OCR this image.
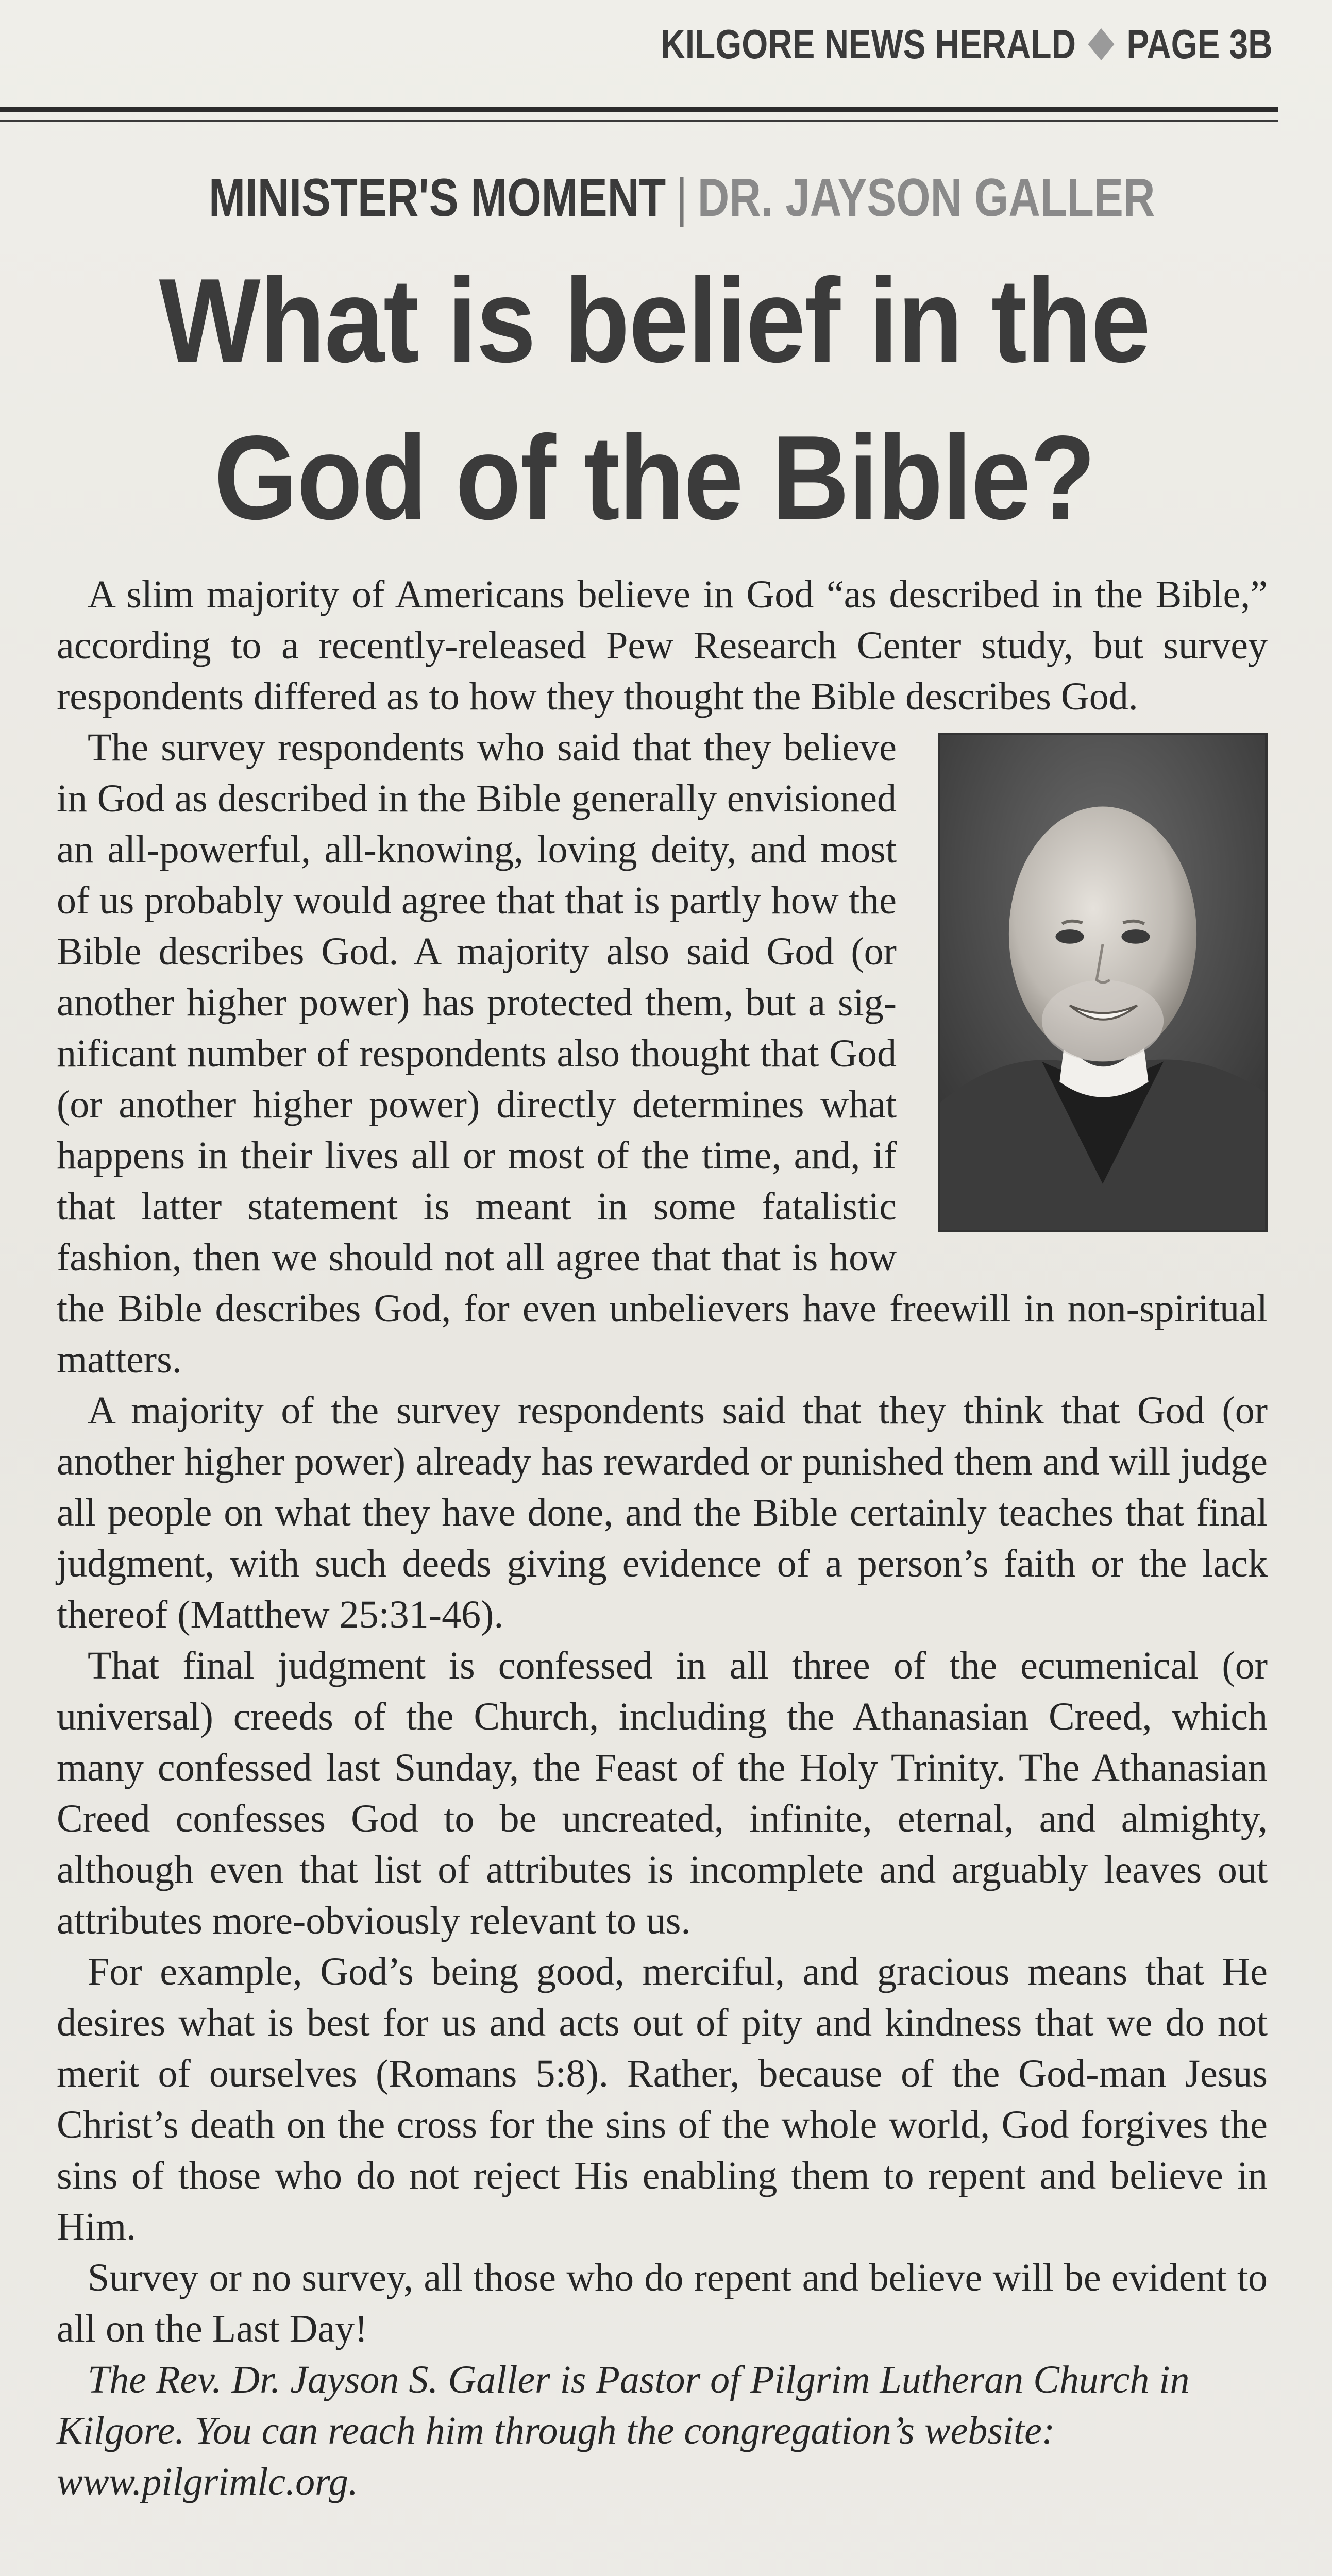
KILGORE NEWS HERALD PAGE 3B
MINISTER'S MOMENT | DR. JAYSON GALLER
What is belief in the
God of the Bible?

A slim majority of Americans believe in God “as described in the Bible,” according to a recently-released Pew Research Center study, but survey respondents differed as to how they thought the Bible describes God.

The survey respondents who said that they believe in God as described in the Bible generally envisioned an all-powerful, all-knowing, loving deity, and most of us probably would agree that that is partly how the Bible describes God. A majority also said God (or another higher power) has protected them, but a significant number of respondents also thought that God (or another higher power) directly determines what happens in their lives all or most of the time, and, if that latter statement is meant in some fatalistic fashion, then we should not all agree that that is how the Bible describes God, for even unbelievers have freewill in non-spiritual matters.

A majority of the survey respondents said that they think that God (or another higher power) already has rewarded or punished them and will judge all people on what they have done, and the Bible certainly teaches that final judgment, with such deeds giving evidence of a person’s faith or the lack thereof (Matthew 25:31-46).

That final judgment is confessed in all three of the ecumenical (or universal) creeds of the Church, including the Athanasian Creed, which many confessed last Sunday, the Feast of the Holy Trinity. The Athanasian Creed confesses God to be uncreated, infinite, eternal, and almighty, although even that list of attributes is incomplete and arguably leaves out attributes more-obviously relevant to us.

For example, God’s being good, merciful, and gracious means that He desires what is best for us and acts out of pity and kindness that we do not merit of ourselves (Romans 5:8). Rather, because of the God-man Jesus Christ’s death on the cross for the sins of the whole world, God forgives the sins of those who do not reject His enabling them to repent and believe in Him.

Survey or no survey, all those who do repent and believe will be evident to all on the Last Day!

The Rev. Dr. Jayson S. Galler is Pastor of Pilgrim Lutheran Church in Kilgore. You can reach him through the congregation’s website: www.pilgrimlc.org.
